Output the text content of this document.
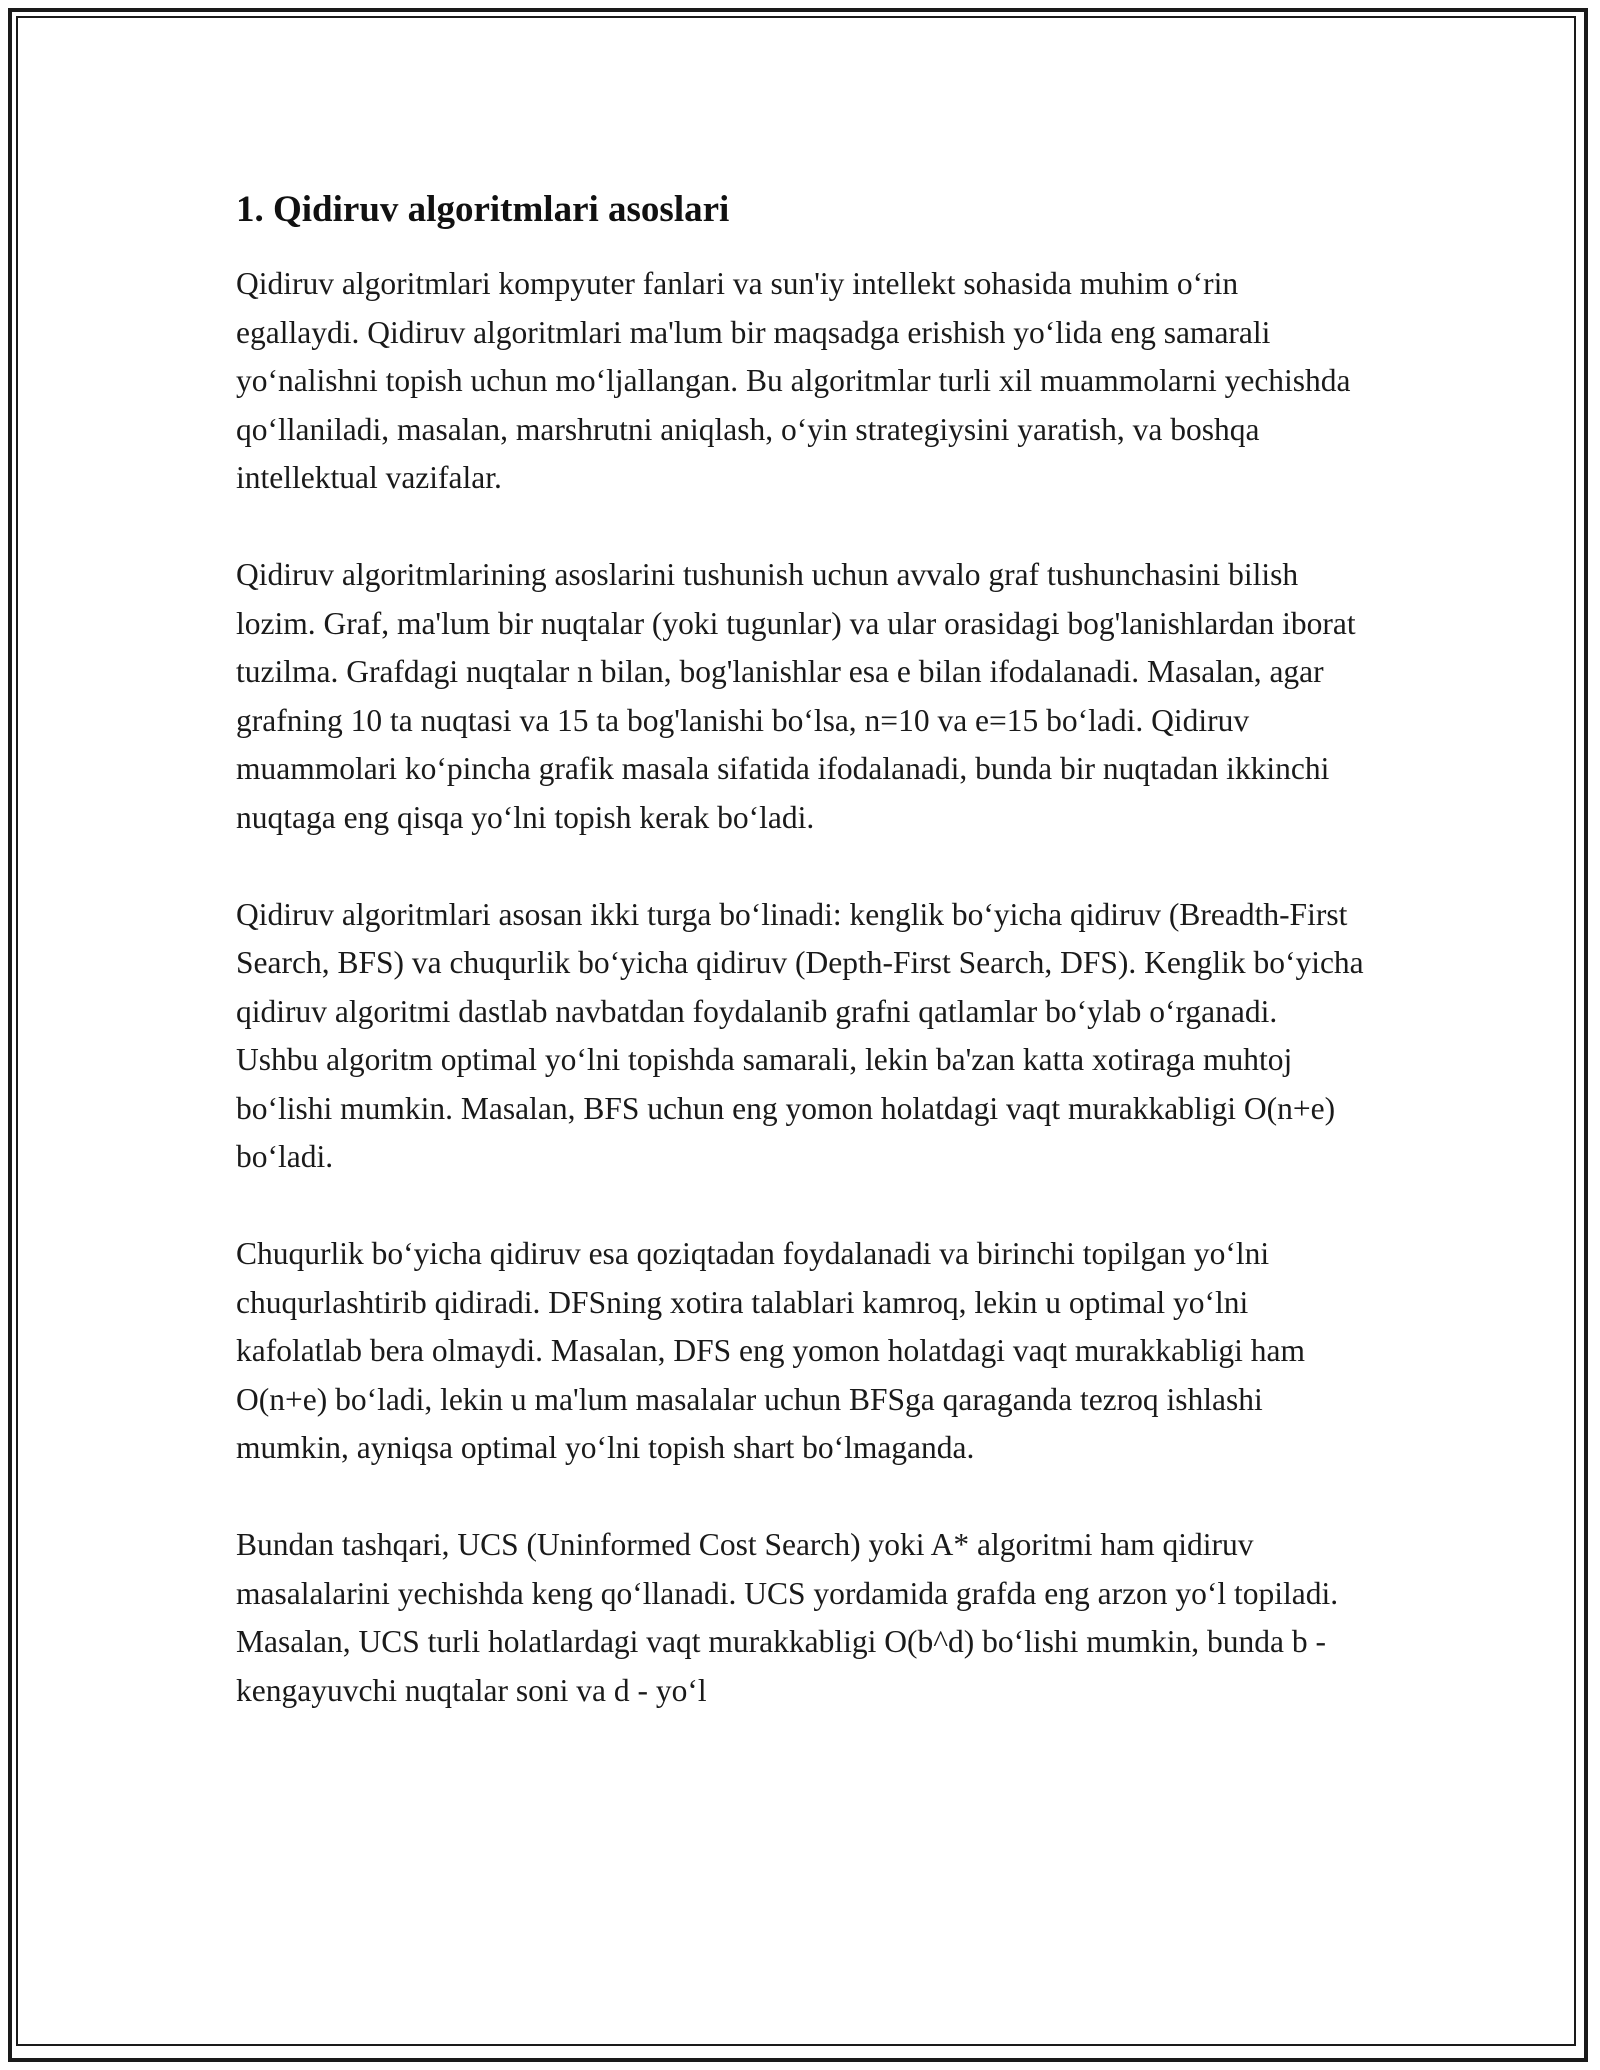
1. Qidiruv algoritmlari asoslari

Qidiruv algoritmlari kompyuter fanlari va sun'iy intellekt sohasida muhim o‘rin egallaydi. Qidiruv algoritmlari ma'lum bir maqsadga erishish yo‘lida eng samarali yo‘nalishni topish uchun mo‘ljallangan. Bu algoritmlar turli xil muammolarni yechishda qo‘llaniladi, masalan, marshrutni aniqlash, o‘yin strategiysini yaratish, va boshqa intellektual vazifalar.

Qidiruv algoritmlarining asoslarini tushunish uchun avvalo graf tushunchasini bilish lozim. Graf, ma'lum bir nuqtalar (yoki tugunlar) va ular orasidagi bog'lanishlardan iborat tuzilma. Grafdagi nuqtalar n bilan, bog'lanishlar esa e bilan ifodalanadi. Masalan, agar grafning 10 ta nuqtasi va 15 ta bog'lanishi bo‘lsa, n=10 va e=15 bo‘ladi. Qidiruv muammolari ko‘pincha grafik masala sifatida ifodalanadi, bunda bir nuqtadan ikkinchi nuqtaga eng qisqa yo‘lni topish kerak bo‘ladi.

Qidiruv algoritmlari asosan ikki turga bo‘linadi: kenglik bo‘yicha qidiruv (Breadth-First Search, BFS) va chuqurlik bo‘yicha qidiruv (Depth-First Search, DFS). Kenglik bo‘yicha qidiruv algoritmi dastlab navbatdan foydalanib grafni qatlamlar bo‘ylab o‘rganadi. Ushbu algoritm optimal yo‘lni topishda samarali, lekin ba'zan katta xotiraga muhtoj bo‘lishi mumkin. Masalan, BFS uchun eng yomon holatdagi vaqt murakkabligi O(n+e) bo‘ladi.

Chuqurlik bo‘yicha qidiruv esa qoziqtadan foydalanadi va birinchi topilgan yo‘lni chuqurlashtirib qidiradi. DFSning xotira talablari kamroq, lekin u optimal yo‘lni kafolatlab bera olmaydi. Masalan, DFS eng yomon holatdagi vaqt murakkabligi ham O(n+e) bo‘ladi, lekin u ma'lum masalalar uchun BFSga qaraganda tezroq ishlashi mumkin, ayniqsa optimal yo‘lni topish shart bo‘lmaganda.

Bundan tashqari, UCS (Uninformed Cost Search) yoki A* algoritmi ham qidiruv masalalarini yechishda keng qo‘llanadi. UCS yordamida grafda eng arzon yo‘l topiladi. Masalan, UCS turli holatlardagi vaqt murakkabligi O(b^d) bo‘lishi mumkin, bunda b - kengayuvchi nuqtalar soni va d - yo‘l
